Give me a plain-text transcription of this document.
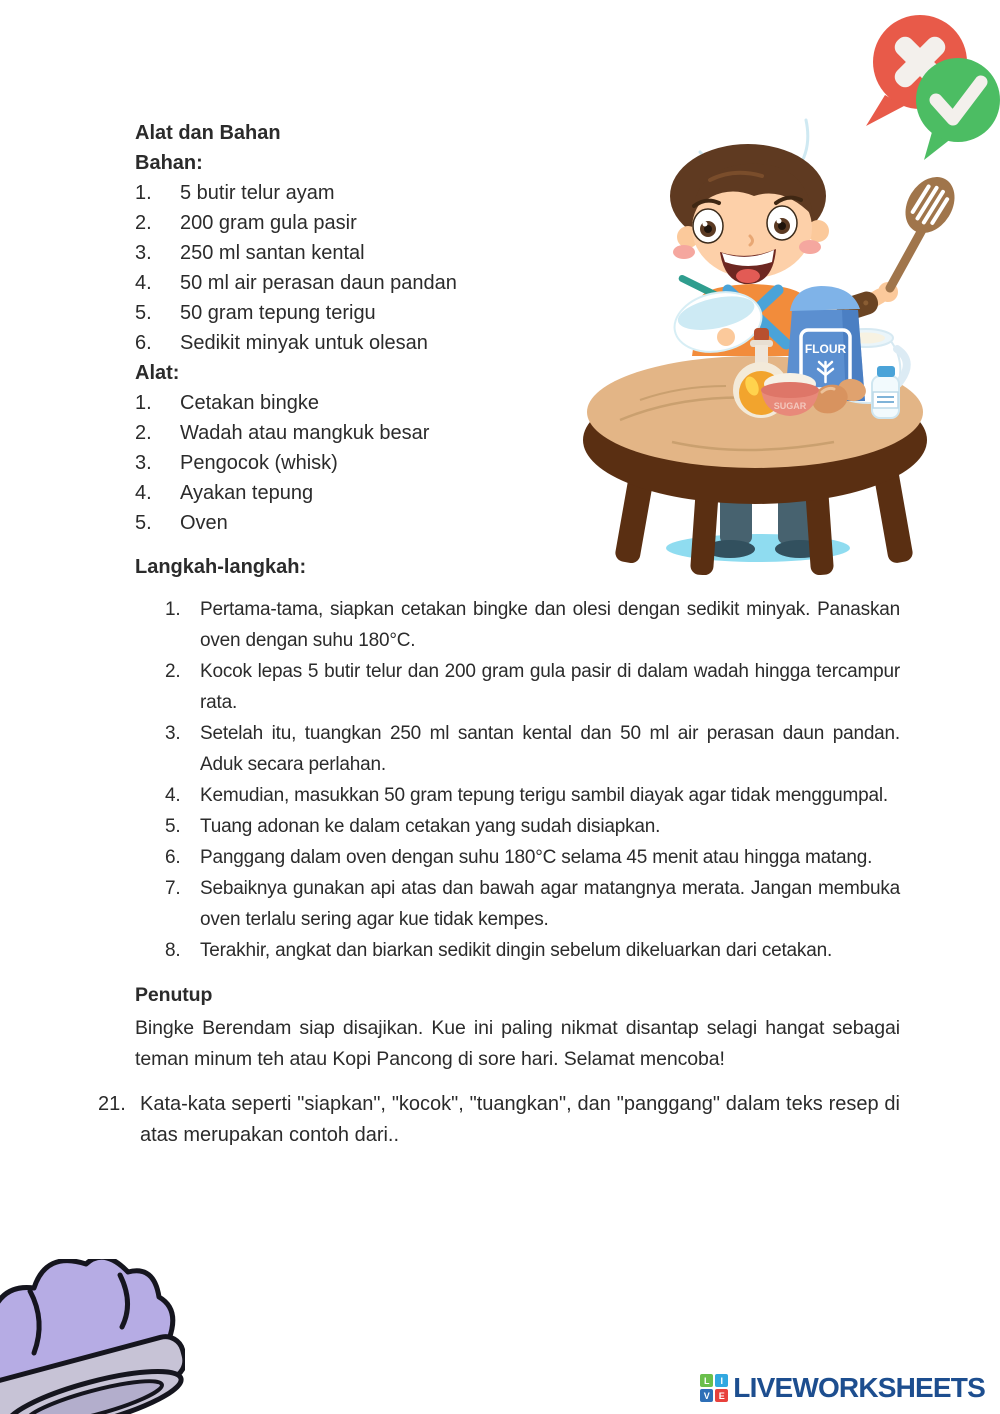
FLOUR
SUGAR

Alat dan Bahan

Bahan:

5 butir telur ayam
200 gram gula pasir
250 ml santan kental
50 ml air perasan daun pandan
50 gram tepung terigu
Sedikit minyak untuk olesan

Alat:

Cetakan bingke
Wadah atau mangkuk besar
Pengocok (whisk)
Ayakan tepung
Oven

Langkah-langkah:

Pertama-tama, siapkan cetakan bingke dan olesi dengan sedikit minyak. Panaskan oven dengan suhu 180°C.
Kocok lepas 5 butir telur dan 200 gram gula pasir di dalam wadah hingga tercampur rata.
Setelah itu, tuangkan 250 ml santan kental dan 50 ml air perasan daun pandan. Aduk secara perlahan.
Kemudian, masukkan 50 gram tepung terigu sambil diayak agar tidak menggumpal.
Tuang adonan ke dalam cetakan yang sudah disiapkan.
Panggang dalam oven dengan suhu 180°C selama 45 menit atau hingga matang.
Sebaiknya gunakan api atas dan bawah agar matangnya merata. Jangan membuka oven terlalu sering agar kue tidak kempes.
Terakhir, angkat dan biarkan sedikit dingin sebelum dikeluarkan dari cetakan.

Penutup

Bingke Berendam siap disajikan. Kue ini paling nikmat disantap selagi hangat sebagai teman minum teh atau Kopi Pancong di sore hari. Selamat mencoba!

21. Kata-kata seperti "siapkan", "kocok", "tuangkan", dan "panggang" dalam teks resep di atas merupakan contoh dari..
L	I
V E LIVEWORKSHEETS
